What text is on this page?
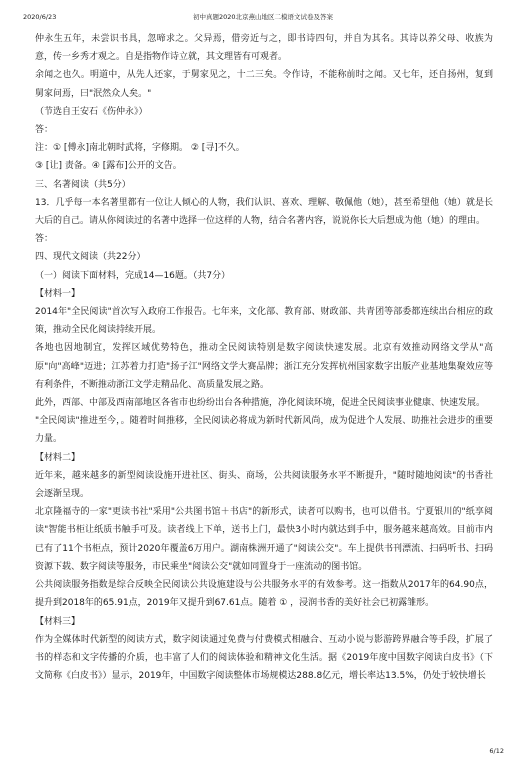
2020/6/23	初中真题2020北京燕山地区二模语文试卷及答案

仲永生五年，未尝识书具，忽啼求之。父异焉，借旁近与之，即书诗四句，并自为其名。其诗以养父母、收族为意，传一乡秀才观之。自是指物作诗立就，其文理皆有可观者。

余闻之也久。明道中，从先人还家，于舅家见之，十二三矣。令作诗，不能称前时之闻。又七年，还自扬州，复到舅家问焉，曰"泯然众人矣。"

（节选自王安石《伤仲永》）

答：

注：① [傅永]南北朝时武将，字修期。 ② [寻]不久。

③ [让] 责备。④ [露布]公开的文告。

三、名著阅读（共5分）

13．几乎每一本名著里都有一位让人倾心的人物，我们认识、喜欢、理解、敬佩他（她），甚至希望他（她）就是长大后的自己。请从你阅读过的名著中选择一位这样的人物，结合名著内容，说说你长大后想成为他（她）的理由。

答：

四、现代文阅读（共22分）

（一）阅读下面材料，完成14—16题。（共7分）

【材料一】

2014年"全民阅读"首次写入政府工作报告。七年来，文化部、教育部、财政部、共青团等部委都连续出台相应的政策，推动全民化阅读持续开展。

各地也因地制宜，发挥区域优势特色，推动全民阅读特别是数字阅读快速发展。北京有效推动网络文学从"高原"向"高峰"迈进；江苏着力打造"扬子江"网络文学大赛品牌；浙江充分发挥杭州国家数字出版产业基地集聚效应等有利条件，不断推动浙江文学走精品化、高质量发展之路。

此外，西部、中部及西南部地区各省市也纷纷出台各种措施，净化阅读环境，促进全民阅读事业健康、快速发展。

"全民阅读"推进至今，。随着时间推移，全民阅读必将成为新时代新风尚，成为促进个人发展、助推社会进步的重要力量。

【材料二】

近年来，越来越多的新型阅读设施开进社区、街头、商场，公共阅读服务水平不断提升，"随时随地阅读"的书香社会逐渐呈现。

北京隆福寺的一家"更读书社"采用"公共图书馆＋书店"的新形式，读者可以购书，也可以借书。宁夏银川的"纸享阅读"智能书柜让纸质书触手可及。读者线上下单，送书上门，最快3小时内就达到手中，服务越来越高效。目前市内已有了11个书柜点，预计2020年覆盖6万用户。湖南株洲开通了"阅读公交"。车上提供书刊漂流、扫码听书、扫码资源下载、数字阅读等服务，市民乘坐"阅读公交"就如同置身于一座流动的图书馆。

公共阅读服务指数是综合反映全民阅读公共设施建设与公共服务水平的有效参考。这一指数从2017年的64.90点，提升到2018年的65.91点，2019年又提升到67.61点。随着 ① ，浸润书香的美好社会已初露雏形。

【材料三】

作为全媒体时代新型的阅读方式，数字阅读通过免费与付费模式相融合、互动小说与影游跨界融合等手段，扩展了书的样态和文字传播的介质，也丰富了人们的阅读体验和精神文化生活。据《2019年度中国数字阅读白皮书》（下文简称《白皮书》）显示，2019年，中国数字阅读整体市场规模达288.8亿元，增长率达13.5%，仍处于较快增长

6/12
